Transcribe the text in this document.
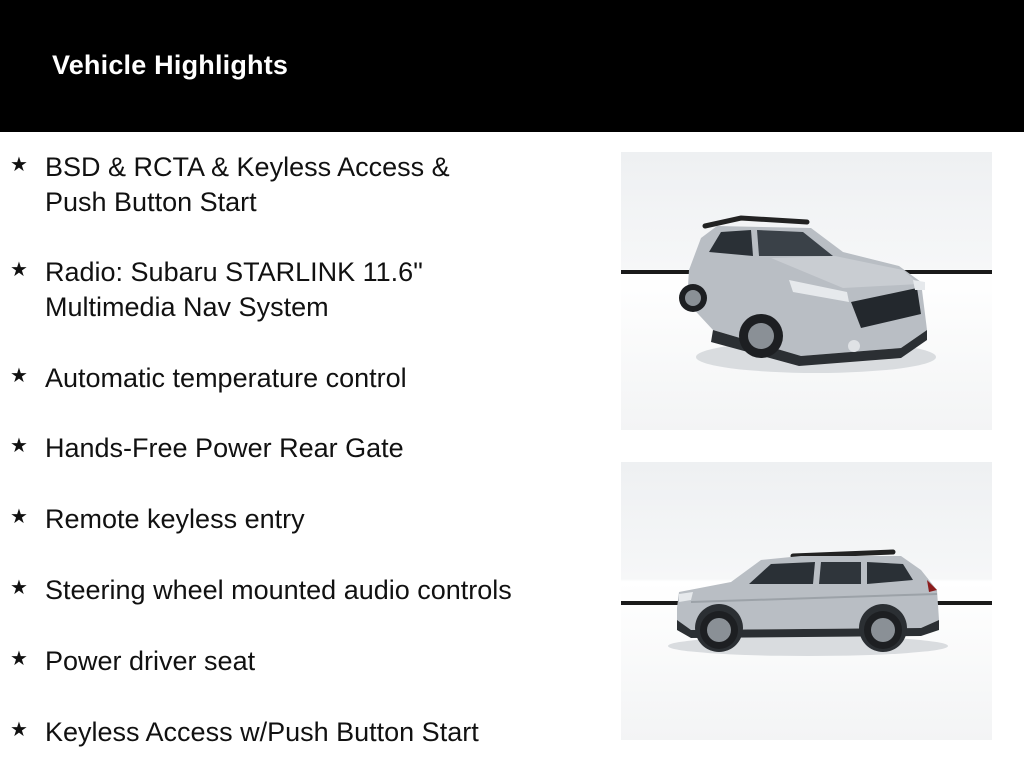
Vehicle Highlights
★ BSD & RCTA & Keyless Access & Push Button Start
★ Radio: Subaru STARLINK 11.6" Multimedia Nav System
★ Automatic temperature control
★ Hands-Free Power Rear Gate
★ Remote keyless entry
★ Steering wheel mounted audio controls
★ Power driver seat
★ Keyless Access w/Push Button Start
